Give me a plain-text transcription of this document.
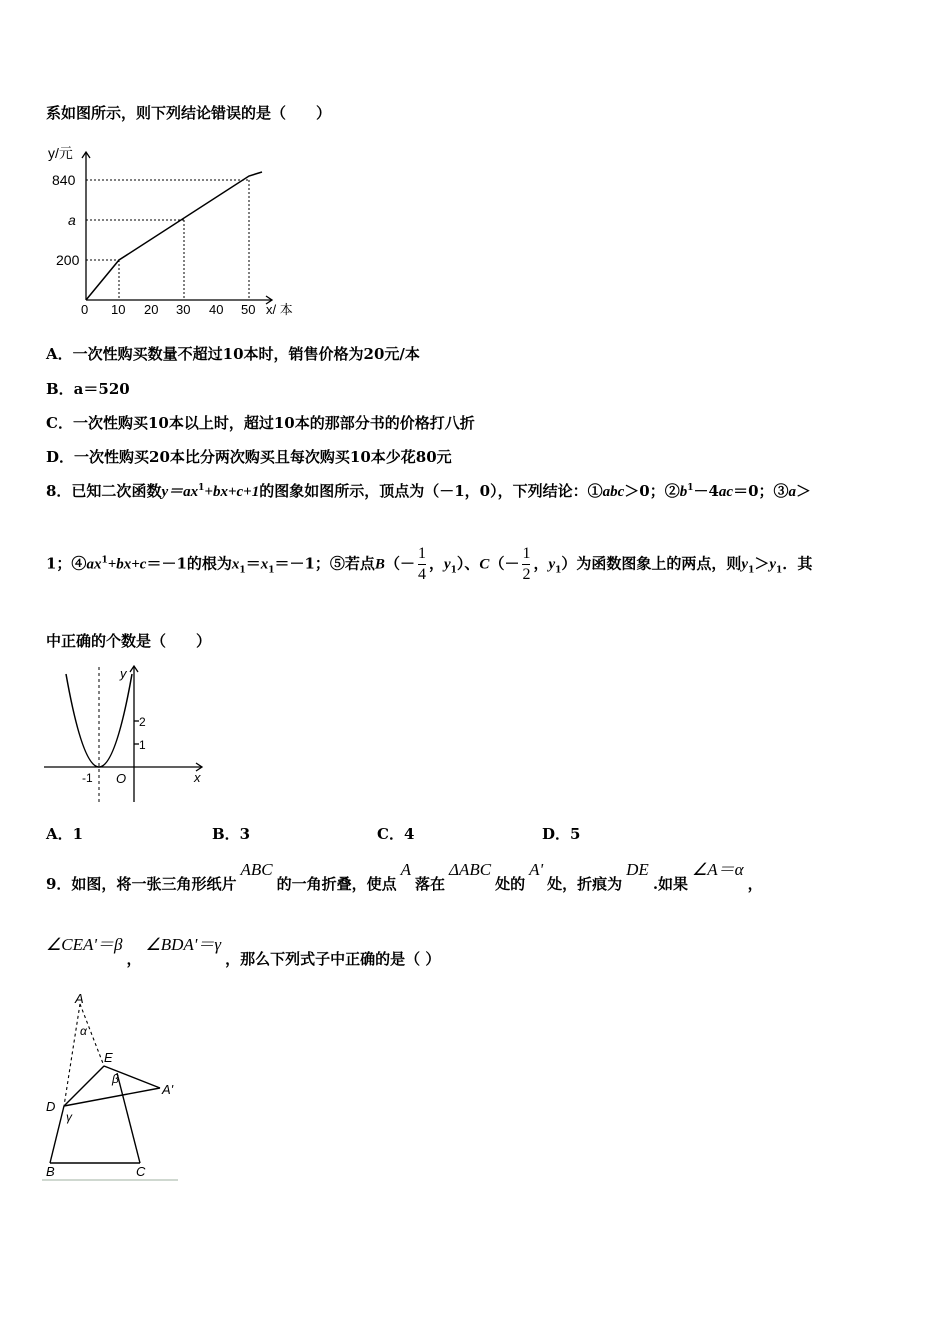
系如图所示，则下列结论错误的是（　　）
y/元
840
a
200
0 10 20 30 40 50 x/ 本
A．一次性购买数量不超过10本时，销售价格为20元/本
B．a＝520
C．一次性购买10本以上时，超过10本的那部分书的价格打八折
D．一次性购买20本比分两次购买且每次购买10本少花80元
8．已知二次函数$y=ax^1+bx+c+1$的图象如图所示，顶点为（－1，0），下列结论：①abc＞0；$②b^1-4ac=0$；③a＞
1；$④ax^1+bx+c=-1$的根为$x_1=x_1=-1$；⑤若点$B(- \frac{1}{4}$ ，$y_1$）、$C(- \frac{1}{2}$ ，$y_1$）为函数图象上的两点，则$y_1>y_1$．其
中正确的个数是（　　）
y
x
O
2
1
-1
A．1	B．3	C．4	D．5
9．如图，将一张三角形纸片ABC的一角折叠，使点A落在ΔABC处的A'处，折痕为DE.如果∠A＝α，
∠CEA'＝β，∠BDA'＝γ，那么下列式子中正确的是（ ）
A
α
E
β
A'
D
γ
B	C
